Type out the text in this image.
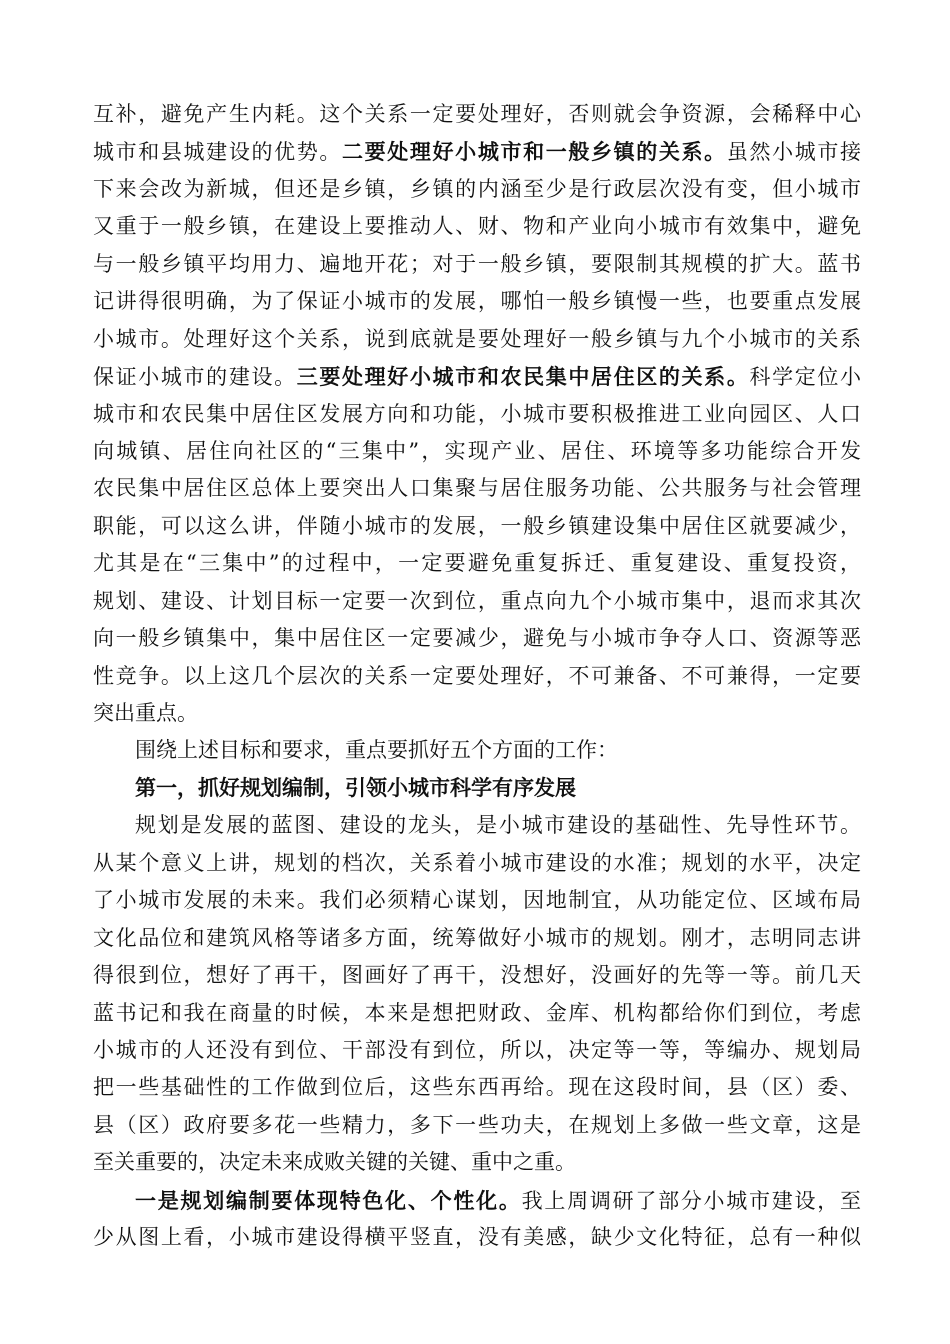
互补，避免产生内耗。这个关系一定要处理好，否则就会争资源，会稀释中心
城市和县城建设的优势。二要处理好小城市和一般乡镇的关系。虽然小城市接
下来会改为新城，但还是乡镇，乡镇的内涵至少是行政层次没有变，但小城市
又重于一般乡镇，在建设上要推动人、财、物和产业向小城市有效集中，避免
与一般乡镇平均用力、遍地开花；对于一般乡镇，要限制其规模的扩大。蓝书
记讲得很明确，为了保证小城市的发展，哪怕一般乡镇慢一些，也要重点发展
小城市。处理好这个关系，说到底就是要处理好一般乡镇与九个小城市的关系
保证小城市的建设。三要处理好小城市和农民集中居住区的关系。科学定位小
城市和农民集中居住区发展方向和功能，小城市要积极推进工业向园区、人口
向城镇、居住向社区的“三集中”，实现产业、居住、环境等多功能综合开发
农民集中居住区总体上要突出人口集聚与居住服务功能、公共服务与社会管理
职能，可以这么讲，伴随小城市的发展，一般乡镇建设集中居住区就要减少，
尤其是在“三集中”的过程中，一定要避免重复拆迁、重复建设、重复投资，
规划、建设、计划目标一定要一次到位，重点向九个小城市集中，退而求其次
向一般乡镇集中，集中居住区一定要减少，避免与小城市争夺人口、资源等恶
性竞争。以上这几个层次的关系一定要处理好，不可兼备、不可兼得，一定要
突出重点。
围绕上述目标和要求，重点要抓好五个方面的工作：
第一，抓好规划编制，引领小城市科学有序发展
规划是发展的蓝图、建设的龙头，是小城市建设的基础性、先导性环节。
从某个意义上讲，规划的档次，关系着小城市建设的水准；规划的水平，决定
了小城市发展的未来。我们必须精心谋划，因地制宜，从功能定位、区域布局
文化品位和建筑风格等诸多方面，统筹做好小城市的规划。刚才，志明同志讲
得很到位，想好了再干，图画好了再干，没想好，没画好的先等一等。前几天
蓝书记和我在商量的时候，本来是想把财政、金库、机构都给你们到位，考虑
小城市的人还没有到位、干部没有到位，所以，决定等一等，等编办、规划局
把一些基础性的工作做到位后，这些东西再给。现在这段时间，县（区）委、
县（区）政府要多花一些精力，多下一些功夫，在规划上多做一些文章，这是
至关重要的，决定未来成败关键的关键、重中之重。
一是规划编制要体现特色化、个性化。我上周调研了部分小城市建设，至
少从图上看，小城市建设得横平竖直，没有美感，缺少文化特征，总有一种似
